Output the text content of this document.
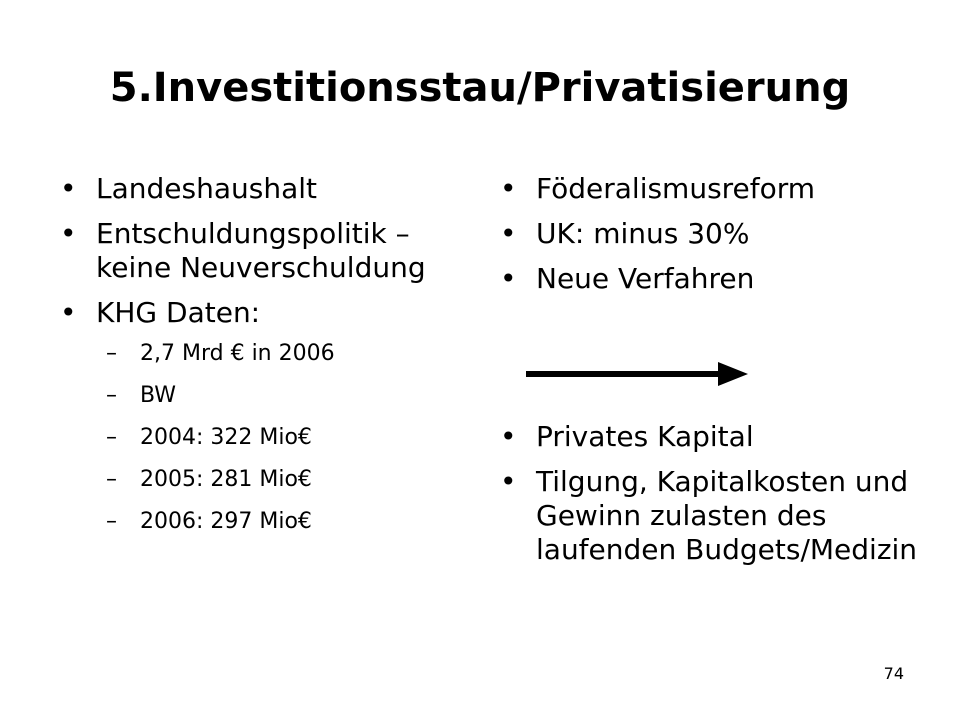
5.Investitionsstau/Privatisierung
• Landeshaushalt
• Entschuldungspolitik – keine Neuverschuldung
• KHG Daten:
– 2,7 Mrd € in 2006
– BW
– 2004: 322 Mio€
– 2005: 281 Mio€
– 2006: 297 Mio€
• Föderalismusreform
• UK: minus 30%
• Neue Verfahren
• Privates Kapital
• Tilgung, Kapitalkosten und Gewinn zulasten des laufenden Budgets/Medizin
74
